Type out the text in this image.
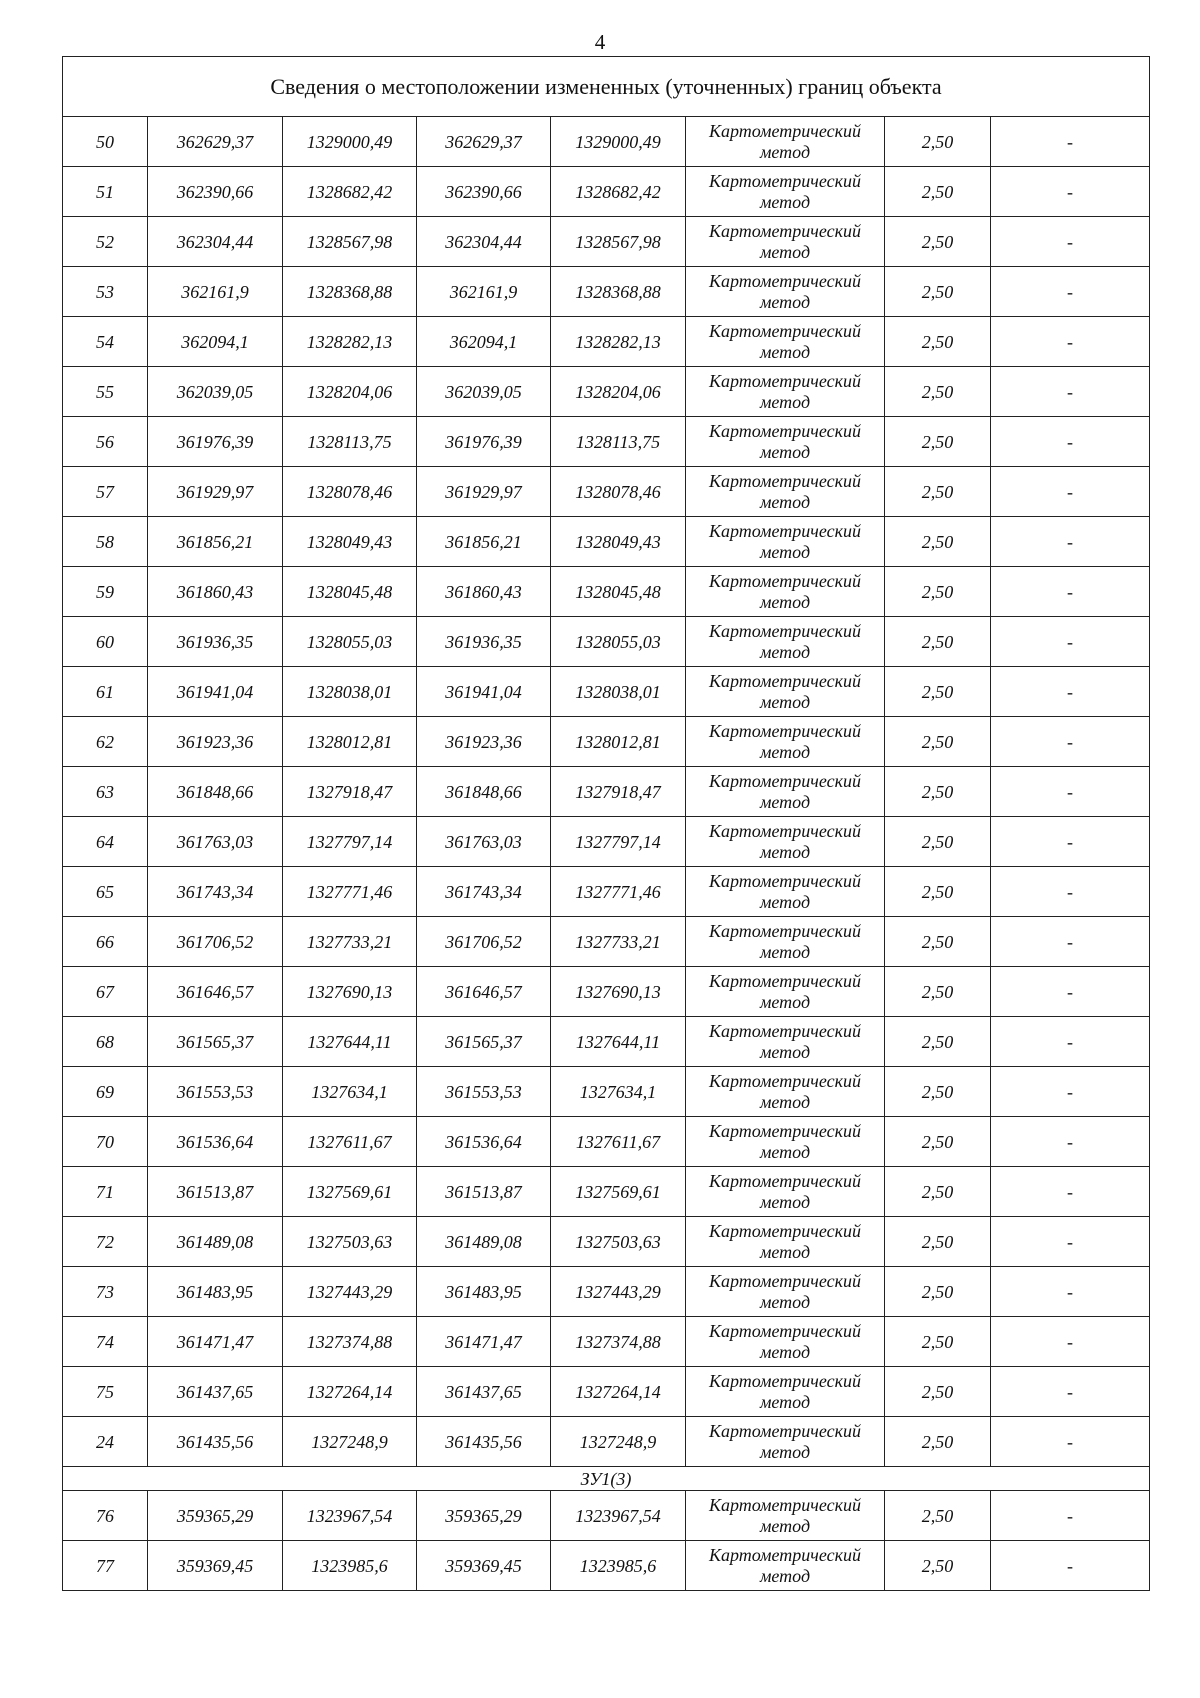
4
Сведения о местоположении измененных (уточненных) границ объекта							
50	362629,37	1329000,49	362629,37	1329000,49	Картометрический метод	2,50	-
51	362390,66	1328682,42	362390,66	1328682,42	Картометрический метод	2,50	-
52	362304,44	1328567,98	362304,44	1328567,98	Картометрический метод	2,50	-
53	362161,9	1328368,88	362161,9	1328368,88	Картометрический метод	2,50	-
54	362094,1	1328282,13	362094,1	1328282,13	Картометрический метод	2,50	-
55	362039,05	1328204,06	362039,05	1328204,06	Картометрический метод	2,50	-
56	361976,39	1328113,75	361976,39	1328113,75	Картометрический метод	2,50	-
57	361929,97	1328078,46	361929,97	1328078,46	Картометрический метод	2,50	-
58	361856,21	1328049,43	361856,21	1328049,43	Картометрический метод	2,50	-
59	361860,43	1328045,48	361860,43	1328045,48	Картометрический метод	2,50	-
60	361936,35	1328055,03	361936,35	1328055,03	Картометрический метод	2,50	-
61	361941,04	1328038,01	361941,04	1328038,01	Картометрический метод	2,50	-
62	361923,36	1328012,81	361923,36	1328012,81	Картометрический метод	2,50	-
63	361848,66	1327918,47	361848,66	1327918,47	Картометрический метод	2,50	-
64	361763,03	1327797,14	361763,03	1327797,14	Картометрический метод	2,50	-
65	361743,34	1327771,46	361743,34	1327771,46	Картометрический метод	2,50	-
66	361706,52	1327733,21	361706,52	1327733,21	Картометрический метод	2,50	-
67	361646,57	1327690,13	361646,57	1327690,13	Картометрический метод	2,50	-
68	361565,37	1327644,11	361565,37	1327644,11	Картометрический метод	2,50	-
69	361553,53	1327634,1	361553,53	1327634,1	Картометрический метод	2,50	-
70	361536,64	1327611,67	361536,64	1327611,67	Картометрический метод	2,50	-
71	361513,87	1327569,61	361513,87	1327569,61	Картометрический метод	2,50	-
72	361489,08	1327503,63	361489,08	1327503,63	Картометрический метод	2,50	-
73	361483,95	1327443,29	361483,95	1327443,29	Картометрический метод	2,50	-
74	361471,47	1327374,88	361471,47	1327374,88	Картометрический метод	2,50	-
75	361437,65	1327264,14	361437,65	1327264,14	Картометрический метод	2,50	-
24	361435,56	1327248,9	361435,56	1327248,9	Картометрический метод	2,50	-
ЗУ1(3)							
76	359365,29	1323967,54	359365,29	1323967,54	Картометрический метод	2,50	-
77	359369,45	1323985,6	359369,45	1323985,6	Картометрический метод	2,50	-
